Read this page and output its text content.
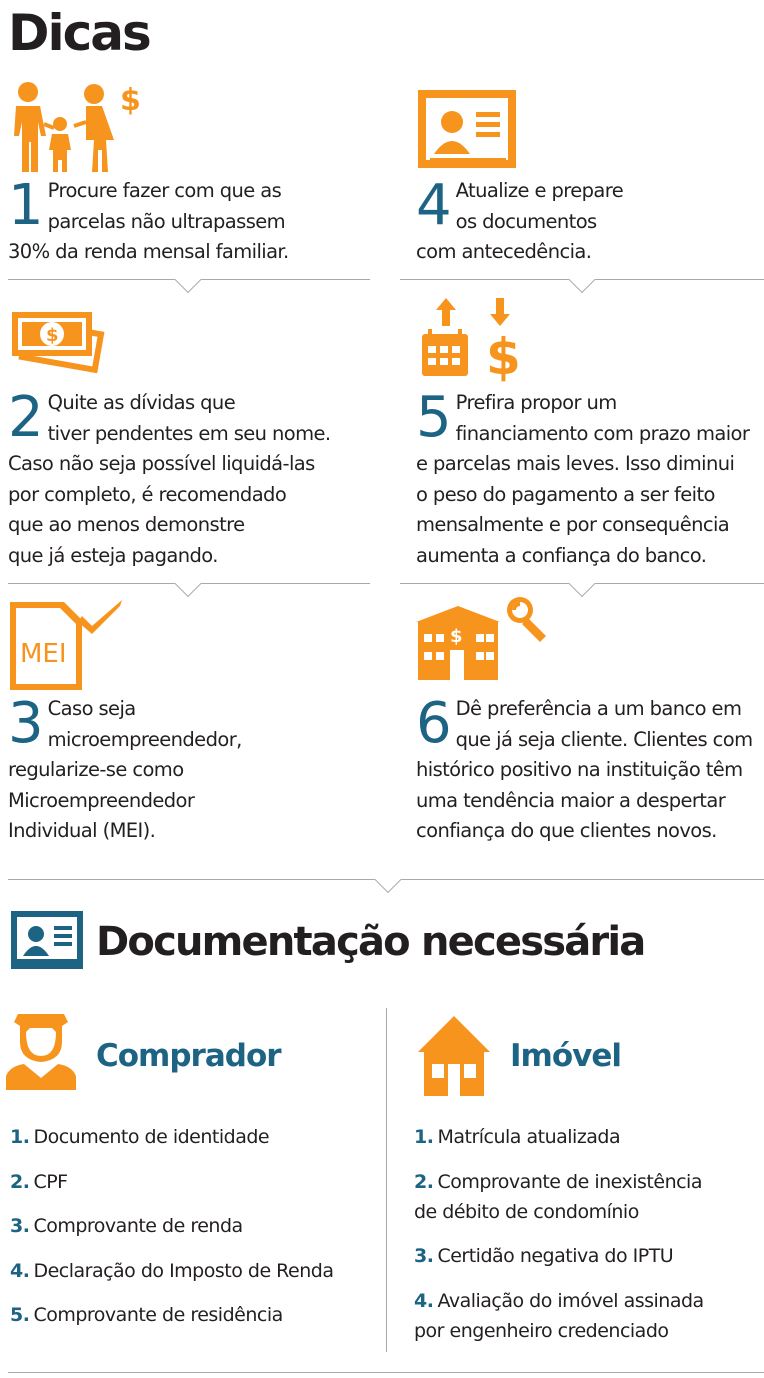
Dicas
$
1 Procure fazer com que as
parcelas não ultrapassem
30% da renda mensal familiar.
4 Atualize e prepare
os documentos
com antecedência.
$
2 Quite as dívidas que
tiver pendentes em seu nome.
Caso não seja possível liquidá-las
por completo, é recomendado
que ao menos demonstre
que já esteja pagando.
$
5 Prefira propor um
financiamento com prazo maior
e parcelas mais leves. Isso diminui
o peso do pagamento a ser feito
mensalmente e por consequência
aumenta a confiança do banco.
MEI
3 Caso seja
microempreendedor,
regularize-se como
Microempreendedor
Individual (MEI).
$
6 Dê preferência a um banco em
que já seja cliente. Clientes com
histórico positivo na instituição têm
uma tendência maior a despertar
confiança do que clientes novos.
Documentação necessária
Comprador
1. Documento de identidade
2. CPF
3. Comprovante de renda
4. Declaração do Imposto de Renda
5. Comprovante de residência
Imóvel
1. Matrícula atualizada
2. Comprovante de inexistência
de débito de condomínio
3. Certidão negativa do IPTU
4. Avaliação do imóvel assinada
por engenheiro credenciado
